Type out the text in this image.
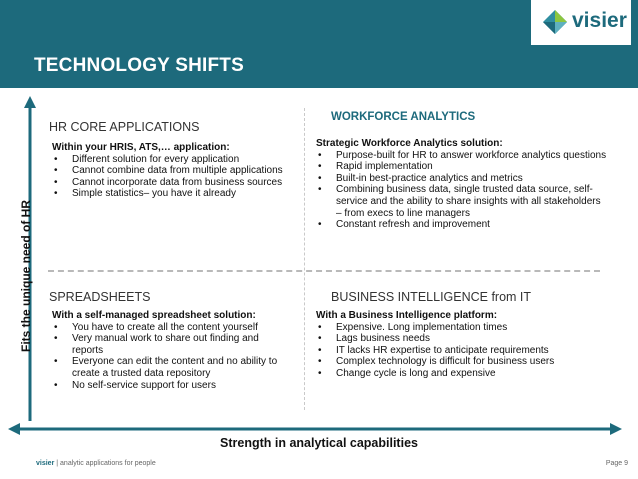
TECHNOLOGY SHIFTS
visier
Fits the unique need of HR
HR CORE APPLICATIONS
Within your HRIS, ATS,… application:
• Different solution for every application
• Cannot combine data from multiple applications
• Cannot incorporate data from business sources
• Simple statistics– you have it already
WORKFORCE ANALYTICS
Strategic Workforce Analytics solution:
• Purpose-built for HR to answer workforce analytics questions
• Rapid implementation
• Built-in best-practice analytics and metrics
• Combining business data, single trusted data source, self-service and the ability to share insights with all stakeholders – from execs to line managers
• Constant refresh and improvement
SPREADSHEETS
With a self-managed spreadsheet solution:
• You have to create all the content yourself
• Very manual work to share out finding and reports
• Everyone can edit the content and no ability to create a trusted data repository
• No self-service support for users
BUSINESS INTELLIGENCE from IT
With a Business Intelligence platform:
• Expensive. Long implementation times
• Lags business needs
• IT lacks HR expertise to anticipate requirements
• Complex technology is difficult for business users
• Change cycle is long and expensive
Strength in analytical capabilities
visier | analytic applications for people	Page 9
